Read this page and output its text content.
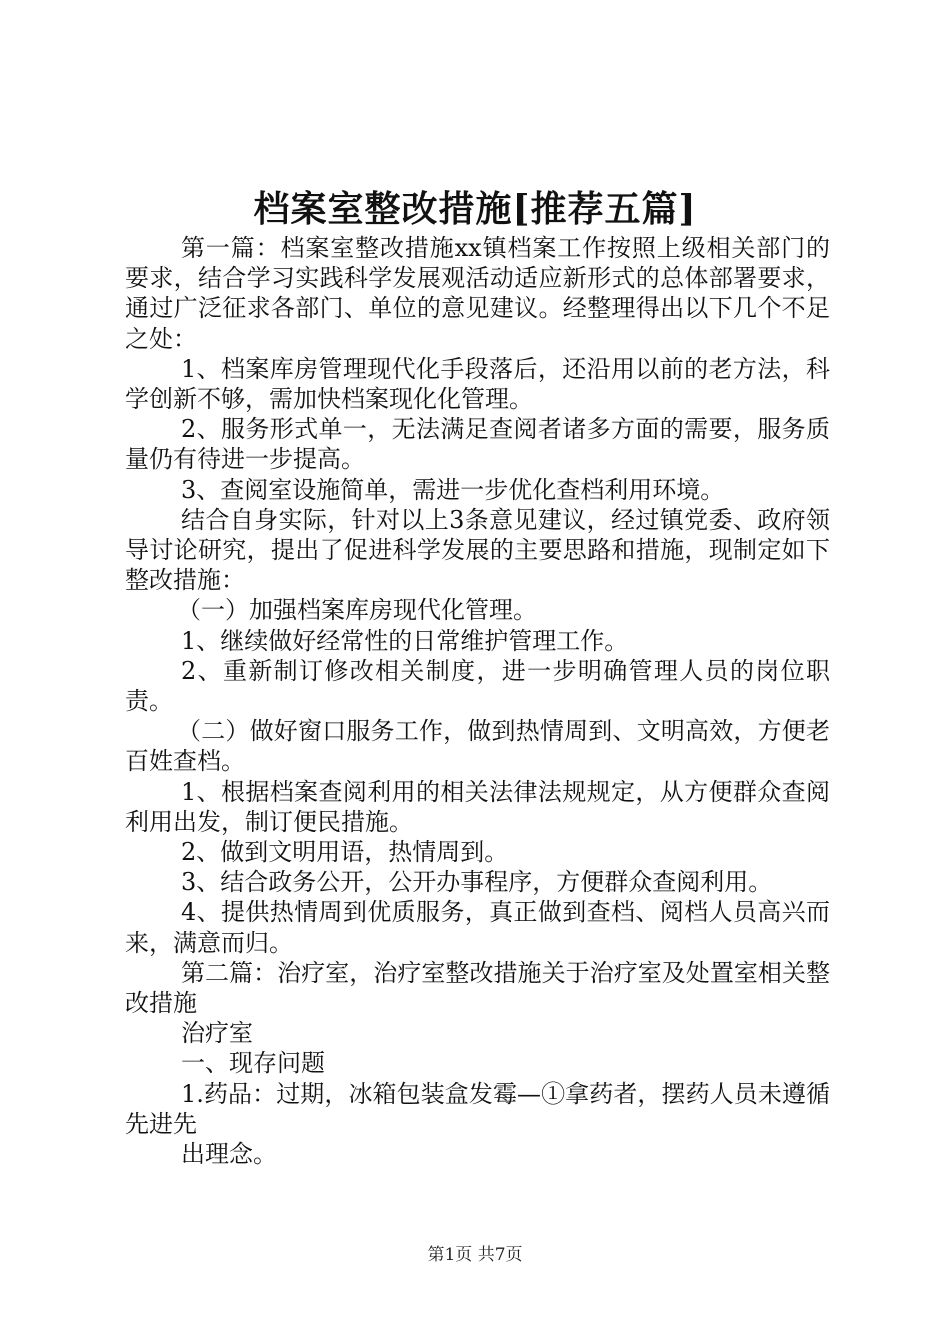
档案室整改措施[推荐五篇]

第一篇：档案室整改措施xx镇档案工作按照上级相关部门的要求，结合学习实践科学发展观活动适应新形式的总体部署要求，通过广泛征求各部门、单位的意见建议。经整理得出以下几个不足之处：

1、档案库房管理现代化手段落后，还沿用以前的老方法，科学创新不够，需加快档案现化化管理。

2、服务形式单一，无法满足查阅者诸多方面的需要，服务质量仍有待进一步提高。

3、查阅室设施简单，需进一步优化查档利用环境。

结合自身实际，针对以上3条意见建议，经过镇党委、政府领导讨论研究，提出了促进科学发展的主要思路和措施，现制定如下整改措施：

（一）加强档案库房现代化管理。

1、继续做好经常性的日常维护管理工作。

2、重新制订修改相关制度，进一步明确管理人员的岗位职责。

（二）做好窗口服务工作，做到热情周到、文明高效，方便老百姓查档。

1、根据档案查阅利用的相关法律法规规定，从方便群众查阅利用出发，制订便民措施。

2、做到文明用语，热情周到。

3、结合政务公开，公开办事程序，方便群众查阅利用。

4、提供热情周到优质服务，真正做到查档、阅档人员高兴而来，满意而归。

第二篇：治疗室，治疗室整改措施关于治疗室及处置室相关整改措施

治疗室

一、现存问题

1.药品：过期，冰箱包装盒发霉—①拿药者，摆药人员未遵循先进先

出理念。

第1页 共7页
